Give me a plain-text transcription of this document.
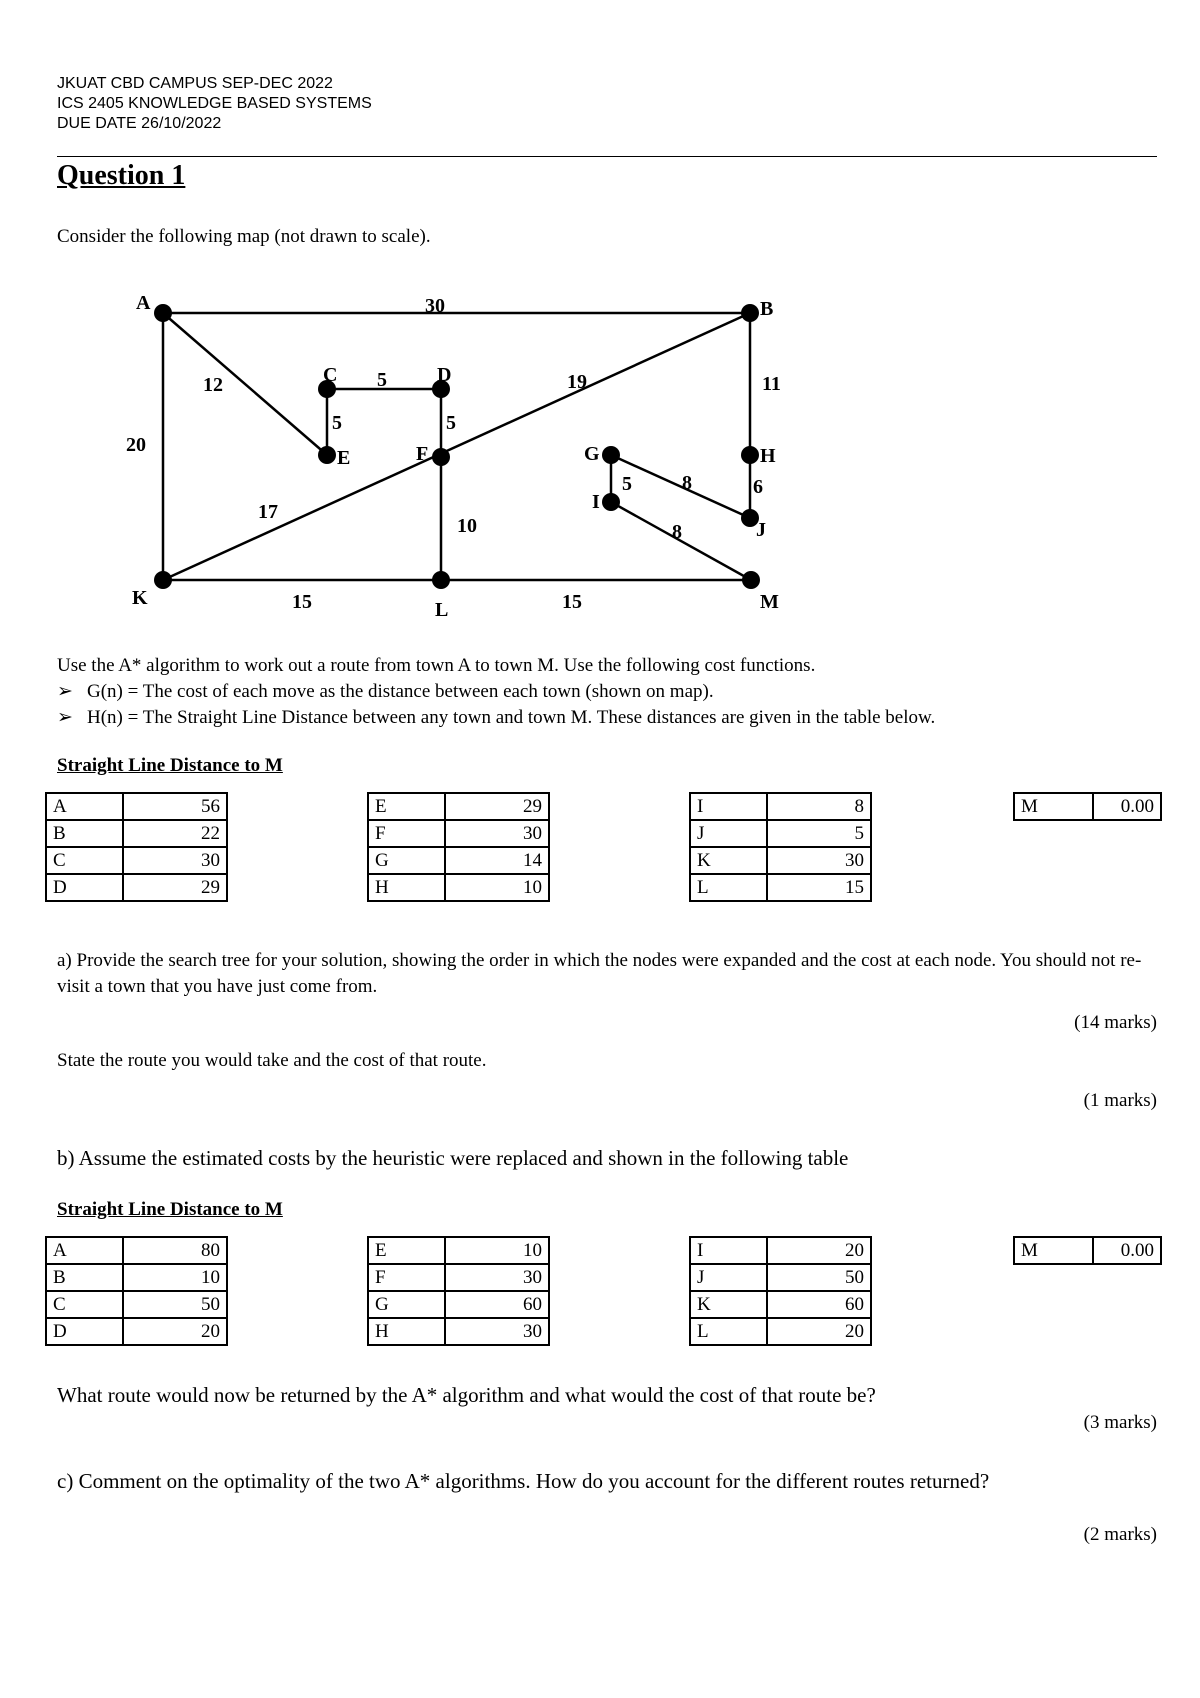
JKUAT CBD CAMPUS SEP-DEC 2022
ICS 2405 KNOWLEDGE BASED SYSTEMS
DUE DATE 26/10/2022
Question 1
Consider the following map (not drawn to scale).
A	B
C	D
E	F	G	H
I
J
K
L	M
30
12
20
5
5	5
19
17
10
11
6
5	8
8
15	15
Use the A* algorithm to work out a route from town A to town M. Use the following cost functions.
➢ G(n) = The cost of each move as the distance between each town (shown on map).
➢ H(n) = The Straight Line Distance between any town and town M. These distances are given in the table below.
Straight Line Distance to M
A	56
B	22
C	30
D	29
E	29
F	30
G	14
H	10
I	8
J	5
K	30
L	15
M	0.00
a) Provide the search tree for your solution, showing the order in which the nodes were expanded and the cost at each node. You should not re-visit a town that you have just come from.
(14 marks)
State the route you would take and the cost of that route.
(1 marks)
b) Assume the estimated costs by the heuristic were replaced and shown in the following table
Straight Line Distance to M
A	80
B	10
C	50
D	20
E	10
F	30
G	60
H	30
I	20
J	50
K	60
L	20
M	0.00
What route would now be returned by the A* algorithm and what would the cost of that route be?
(3 marks)
c) Comment on the optimality of the two A* algorithms. How do you account for the different routes returned?
(2 marks)
